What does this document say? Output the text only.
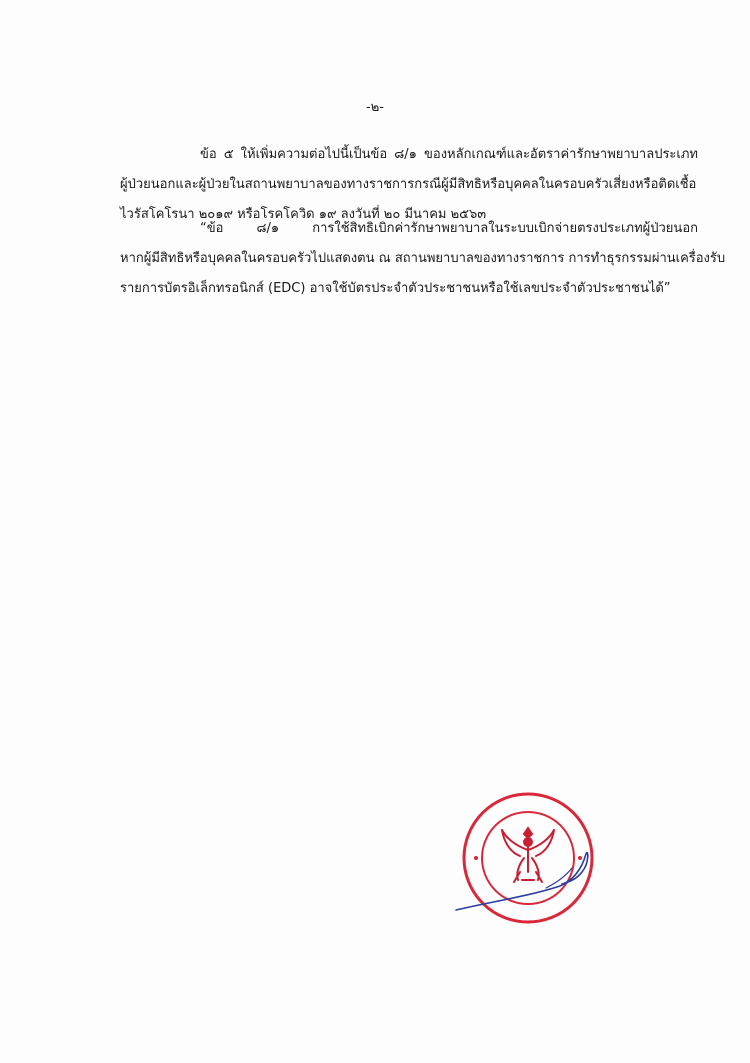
-๒-
ข้อ ๕ ให้เพิ่มความต่อไปนี้เป็นข้อ ๘/๑ ของหลักเกณฑ์และอัตราค่ารักษาพยาบาลประเภท
ผู้ป่วยนอกและผู้ป่วยในสถานพยาบาลของทางราชการกรณีผู้มีสิทธิหรือบุคคลในครอบครัวเสี่ยงหรือติดเชื้อ
ไวรัสโคโรนา ๒๐๑๙ หรือโรคโควิด ๑๙ ลงวันที่ ๒๐ มีนาคม ๒๕๖๓
“ข้อ ๘/๑ การใช้สิทธิเบิกค่ารักษาพยาบาลในระบบเบิกจ่ายตรงประเภทผู้ป่วยนอก
หากผู้มีสิทธิหรือบุคคลในครอบครัวไปแสดงตน ณ สถานพยาบาลของทางราชการ การทำธุรกรรมผ่านเครื่องรับ
รายการบัตรอิเล็กทรอนิกส์ (EDC) อาจใช้บัตรประจำตัวประชาชนหรือใช้เลขประจำตัวประชาชนได้”
